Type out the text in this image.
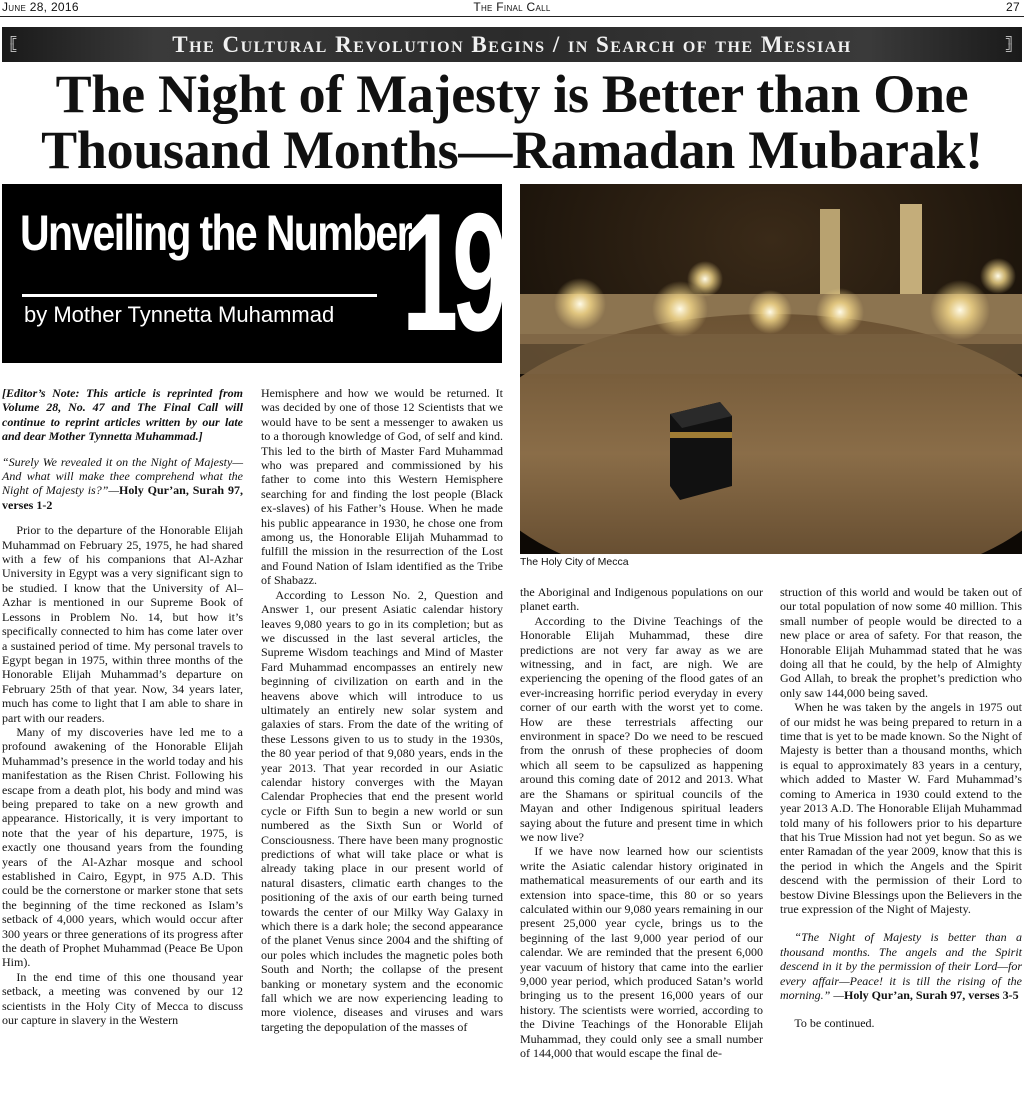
June 28, 2016	The Final Call	27
╔
╚	The Cultural Revolution Begins / in Search of the Messiah	╗
╝
The Night of Majesty is Better than One Thousand Months—Ramadan Mubarak!
Unveiling the Number
by Mother Tynnetta Muhammad 19
The Holy City of Mecca

[Editor’s Note: This article is reprinted from Volume 28, No. 47 and The Final Call will continue to reprint articles written by our late and dear Mother Tynnetta Muhammad.]

“Surely We revealed it on the Night of Majesty—And what will make thee comprehend what the Night of Majesty is?”—Holy Qur’an, Surah 97, verses 1-2

Prior to the departure of the Honorable Elijah Muhammad on February 25, 1975, he had shared with a few of his companions that Al-Azhar University in Egypt was a very significant sign to be studied. I know that the University of Al–Azhar is mentioned in our Supreme Book of Lessons in Problem No. 14, but how it’s specifically connected to him has come later over a sustained period of time. My personal travels to Egypt began in 1975, within three months of the Honorable Elijah Muhammad’s departure on February 25th of that year. Now, 34 years later, much has come to light that I am able to share in part with our readers.

Many of my discoveries have led me to a profound awakening of the Honorable Elijah Muhammad’s presence in the world today and his manifestation as the Risen Christ. Following his escape from a death plot, his body and mind was being prepared to take on a new growth and appearance. Historically, it is very important to note that the year of his departure, 1975, is exactly one thousand years from the founding years of the Al-Azhar mosque and school established in Cairo, Egypt, in 975 A.D. This could be the cornerstone or marker stone that sets the beginning of the time reckoned as Islam’s setback of 4,000 years, which would occur after 300 years or three generations of its progress after the death of Prophet Muhammad (Peace Be Upon Him).

In the end time of this one thousand year setback, a meeting was convened by our 12 scientists in the Holy City of Mecca to discuss our capture in slavery in the Western

Hemisphere and how we would be returned. It was decided by one of those 12 Scientists that we would have to be sent a messenger to awaken us to a thorough knowledge of God, of self and kind. This led to the birth of Master Fard Muhammad who was prepared and commissioned by his father to come into this Western Hemisphere searching for and finding the lost people (Black ex-slaves) of his Father’s House. When he made his public appearance in 1930, he chose one from among us, the Honorable Elijah Muhammad to fulfill the mission in the resurrection of the Lost and Found Nation of Islam identified as the Tribe of Shabazz.

According to Lesson No. 2, Question and Answer 1, our present Asiatic calendar history leaves 9,080 years to go in its completion; but as we discussed in the last several articles, the Supreme Wisdom teachings and Mind of Master Fard Muhammad encompasses an entirely new beginning of civilization on earth and in the heavens above which will introduce to us ultimately an entirely new solar system and galaxies of stars. From the date of the writing of these Lessons given to us to study in the 1930s, the 80 year period of that 9,080 years, ends in the year 2013. That year recorded in our Asiatic calendar history converges with the Mayan Calendar Prophecies that end the present world cycle or Fifth Sun to begin a new world or sun numbered as the Sixth Sun or World of Consciousness. There have been many prognostic predictions of what will take place or what is already taking place in our present world of natural disasters, climatic earth changes to the positioning of the axis of our earth being turned towards the center of our Milky Way Galaxy in which there is a dark hole; the second appearance of the planet Venus since 2004 and the shifting of our poles which includes the magnetic poles both South and North; the collapse of the present banking or monetary system and the economic fall which we are now experiencing leading to more violence, diseases and viruses and wars targeting the depopulation of the masses of

the Aboriginal and Indigenous populations on our planet earth.

According to the Divine Teachings of the Honorable Elijah Muhammad, these dire predictions are not very far away as we are witnessing, and in fact, are nigh. We are experiencing the opening of the flood gates of an ever-increasing horrific period everyday in every corner of our earth with the worst yet to come. How are these terrestrials affecting our environment in space? Do we need to be rescued from the onrush of these prophecies of doom which all seem to be capsulized as happening around this coming date of 2012 and 2013. What are the Shamans or spiritual councils of the Mayan and other Indigenous spiritual leaders saying about the future and present time in which we now live?

If we have now learned how our scientists write the Asiatic calendar history originated in mathematical measurements of our earth and its extension into space-time, this 80 or so years calculated within our 9,080 years remaining in our present 25,000 year cycle, brings us to the beginning of the last 9,000 year period of our calendar. We are reminded that the present 6,000 year vacuum of history that came into the earlier 9,000 year period, which produced Satan’s world bringing us to the present 16,000 years of our history. The scientists were worried, according to the Divine Teachings of the Honorable Elijah Muhammad, they could only see a small number of 144,000 that would escape the final de-

struction of this world and would be taken out of our total population of now some 40 million. This small number of people would be directed to a new place or area of safety. For that reason, the Honorable Elijah Muhammad stated that he was doing all that he could, by the help of Almighty God Allah, to break the prophet’s prediction who only saw 144,000 being saved.

When he was taken by the angels in 1975 out of our midst he was being prepared to return in a time that is yet to be made known. So the Night of Majesty is better than a thousand months, which is equal to approximately 83 years in a century, which added to Master W. Fard Muhammad’s coming to America in 1930 could extend to the year 2013 A.D. The Honorable Elijah Muhammad told many of his followers prior to his departure that his True Mission had not yet begun. So as we enter Ramadan of the year 2009, know that this is the period in which the Angels and the Spirit descend with the permission of their Lord to bestow Divine Blessings upon the Believers in the true expression of the Night of Majesty.

“The Night of Majesty is better than a thousand months. The angels and the Spirit descend in it by the permission of their Lord—for every affair—Peace! it is till the rising of the morning.” —Holy Qur’an, Surah 97, verses 3-5

To be continued.
